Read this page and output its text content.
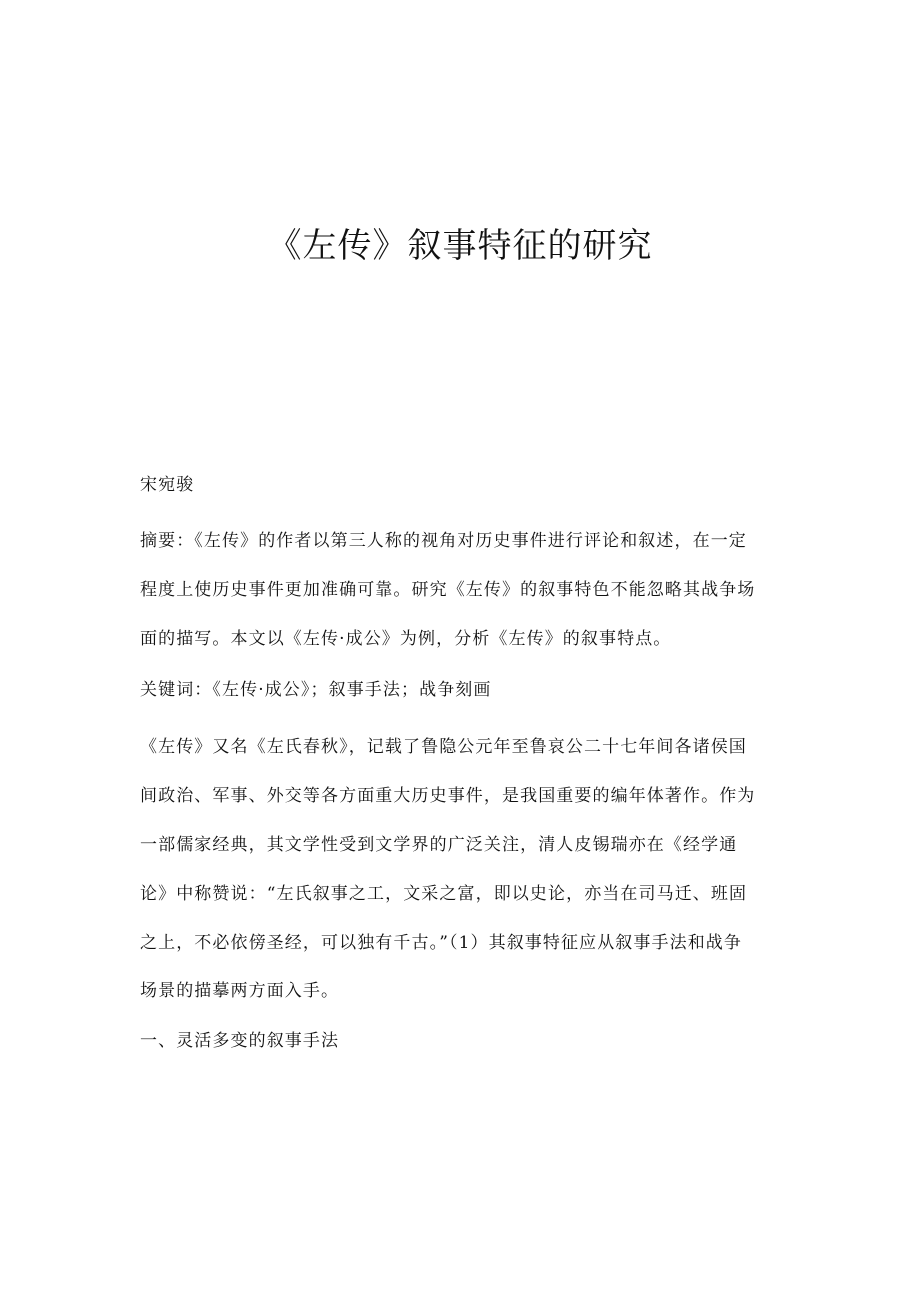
《左传》叙事特征的研究
宋宛骏
摘要：《左传》的作者以第三人称的视角对历史事件进行评论和叙述，在一定
程度上使历史事件更加准确可靠。研究《左传》的叙事特色不能忽略其战争场
面的描写。本文以《左传·成公》为例，分析《左传》的叙事特点。
关键词：《左传·成公》；叙事手法；战争刻画
《左传》又名《左氏春秋》，记载了鲁隐公元年至鲁哀公二十七年间各诸侯国
间政治、军事、外交等各方面重大历史事件，是我国重要的编年体著作。作为
一部儒家经典，其文学性受到文学界的广泛关注，清人皮锡瑞亦在《经学通
论》中称赞说：“左氏叙事之工，文采之富，即以史论，亦当在司马迁、班固
之上，不必依傍圣经，可以独有千古。”（1）其叙事特征应从叙事手法和战争
场景的描摹两方面入手。
一、灵活多变的叙事手法
